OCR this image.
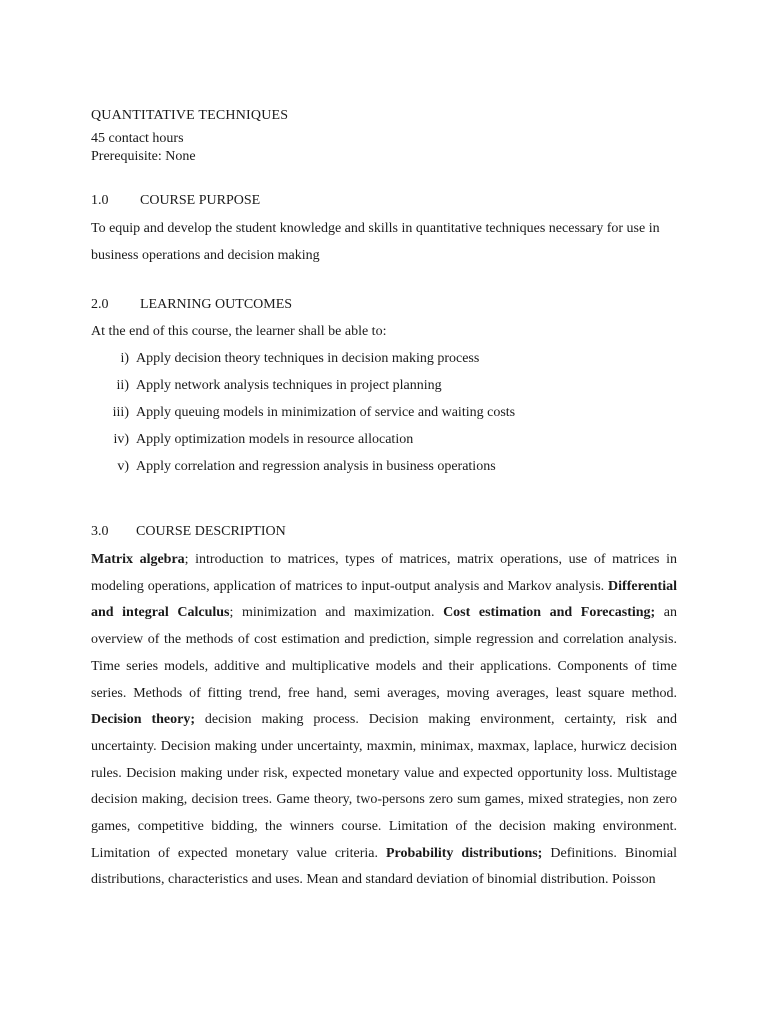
QUANTITATIVE TECHNIQUES
45 contact hours
Prerequisite: None
1.0	COURSE PURPOSE

To equip and develop the student knowledge and skills in quantitative techniques necessary for use in business operations and decision making

2.0	LEARNING OUTCOMES
At the end of this course, the learner shall be able to:
i) Apply decision theory techniques in decision making process
ii) Apply network analysis techniques in project planning
iii) Apply queuing models in minimization of service and waiting costs
iv) Apply optimization models in resource allocation
v) Apply correlation and regression analysis in business operations
3.0	COURSE DESCRIPTION

Matrix algebra; introduction to matrices, types of matrices, matrix operations, use of matrices in modeling operations, application of matrices to input-output analysis and Markov analysis. Differential and integral Calculus; minimization and maximization. Cost estimation and Forecasting; an overview of the methods of cost estimation and prediction, simple regression and correlation analysis. Time series models, additive and multiplicative models and their applications. Components of time series. Methods of fitting trend, free hand, semi averages, moving averages, least square method. Decision theory; decision making process. Decision making environment, certainty, risk and uncertainty. Decision making under uncertainty, maxmin, minimax, maxmax, laplace, hurwicz decision rules. Decision making under risk, expected monetary value and expected opportunity loss. Multistage decision making, decision trees. Game theory, two-persons zero sum games, mixed strategies, non zero games, competitive bidding, the winners course. Limitation of the decision making environment. Limitation of expected monetary value criteria. Probability distributions; Definitions. Binomial distributions, characteristics and uses. Mean and standard deviation of binomial distribution. Poisson
